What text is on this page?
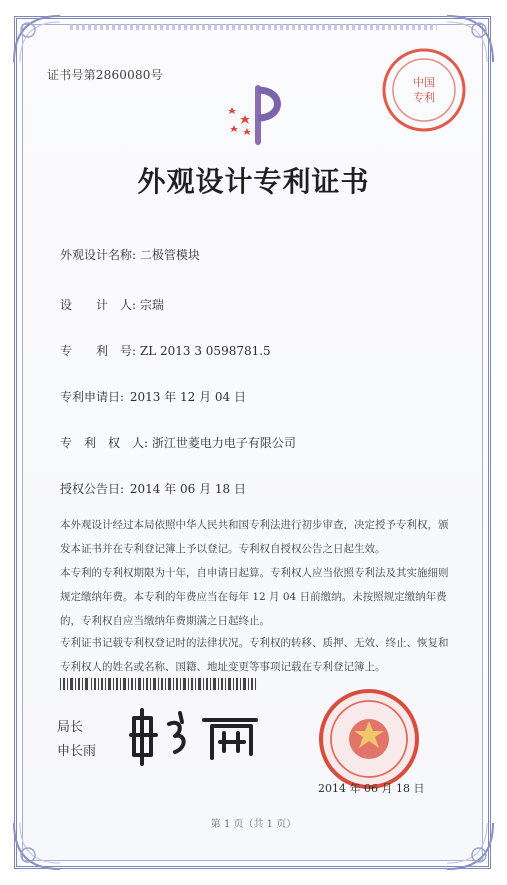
证书号第2860080号
中国
专利
外观设计专利证书
外观设计名称: 二极管模块
设　　计　人: 宗瑞
专　　利　号: ZL 2013 3 0598781.5
专利申请日: 2013 年 12 月 04 日
专　利　权　人: 浙江世菱电力电子有限公司
授权公告日: 2014 年 06 月 18 日
本外观设计经过本局依照中华人民共和国专利法进行初步审查，决定授予专利权，颁发本证书并在专利登记簿上予以登记。专利权自授权公告之日起生效。
本专利的专利权期限为十年，自申请日起算。专利权人应当依照专利法及其实施细则规定缴纳年费。本专利的年费应当在每年 12 月 04 日前缴纳。未按照规定缴纳年费的，专利权自应当缴纳年费期满之日起终止。
专利证书记载专利权登记时的法律状况。专利权的转移、质押、无效、终止、恢复和专利权人的姓名或名称、国籍、地址变更等事项记载在专利登记簿上。
局长
申长雨
2014 年 06 月 18 日
第 1 页（共 1 页）
